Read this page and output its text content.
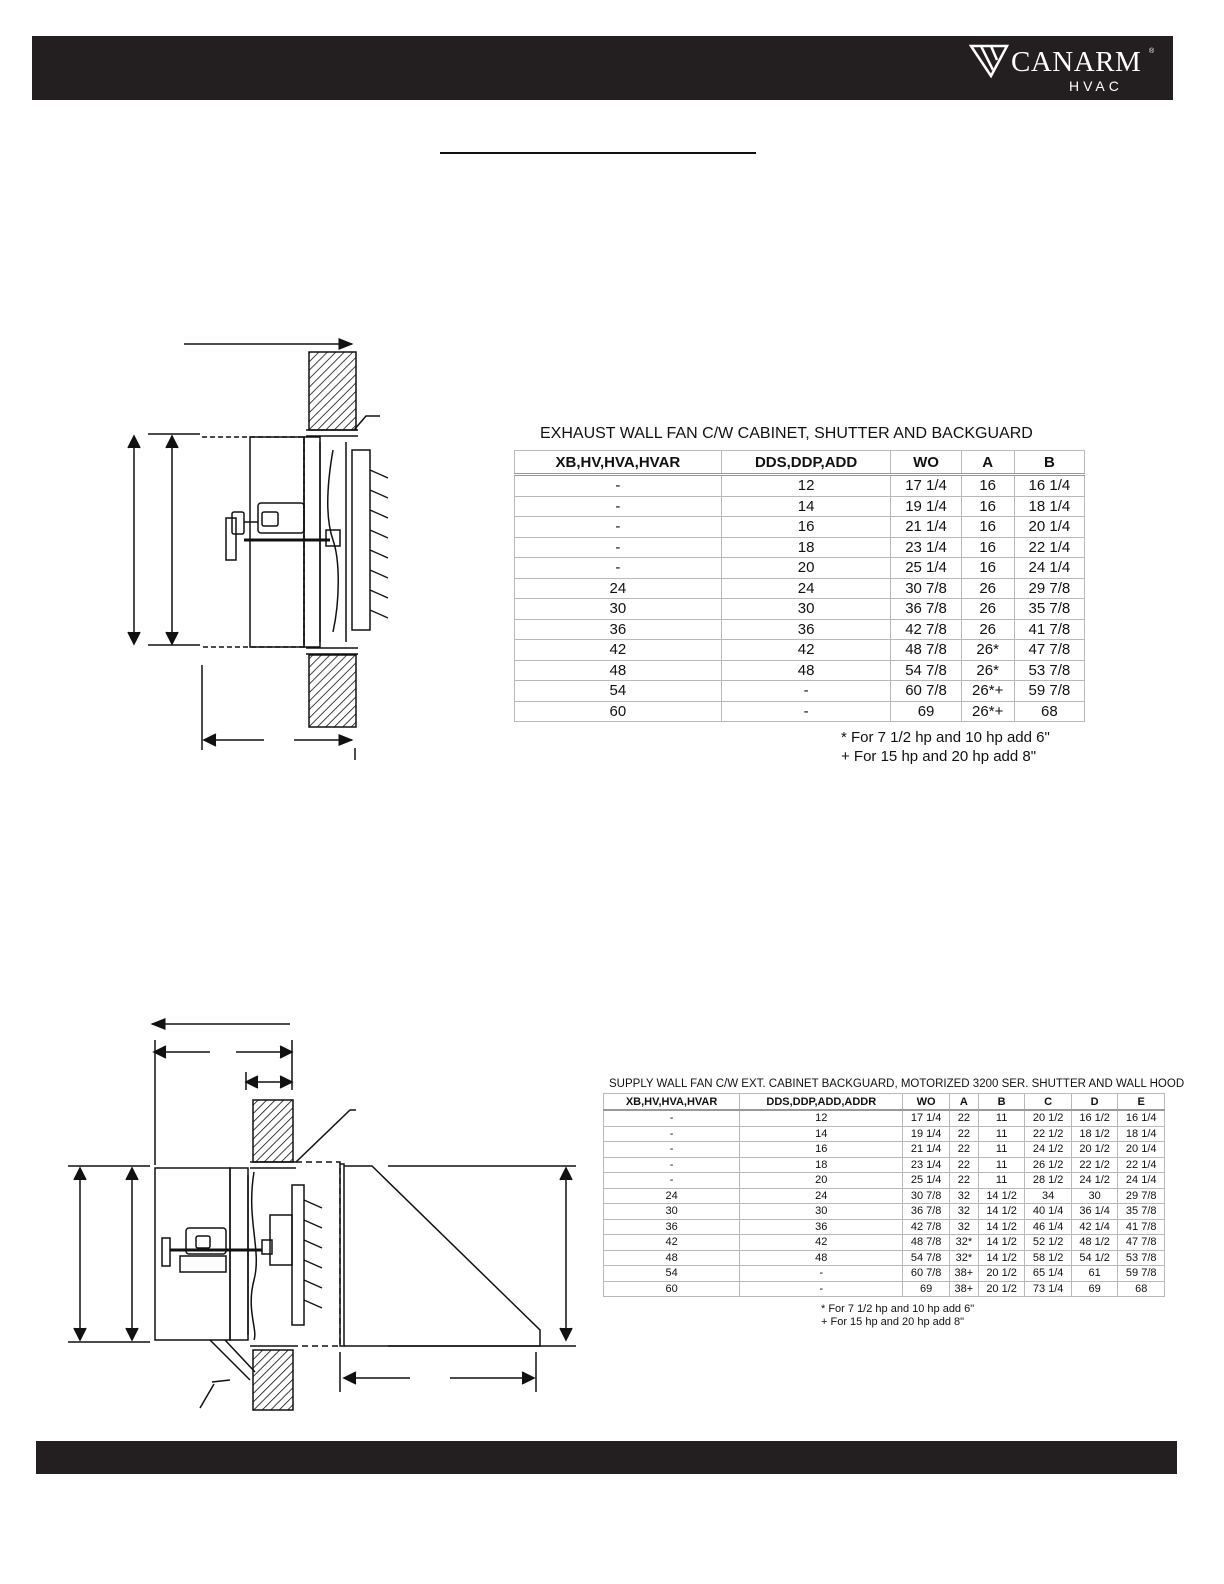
CANARM ®
HVAC
EXHAUST WALL FAN C/W CABINET, SHUTTER AND BACKGUARD
XB,HV,HVA,HVAR	DDS,DDP,ADD	WO	A	B
-	12	17 1/4	16	16 1/4
-	14	19 1/4	16	18 1/4
-	16	21 1/4	16	20 1/4
-	18	23 1/4	16	22 1/4
-	20	25 1/4	16	24 1/4
24	24	30 7/8	26	29 7/8
30	30	36 7/8	26	35 7/8
36	36	42 7/8	26	41 7/8
42	42	48 7/8	26*	47 7/8
48	48	54 7/8	26*	53 7/8
54	-	60 7/8	26*+	59 7/8
60	-	69	26*+	68
* For 7 1/2 hp and 10 hp add 6"
+ For 15 hp and 20 hp add 8"
SUPPLY WALL FAN C/W EXT. CABINET BACKGUARD, MOTORIZED 3200 SER. SHUTTER AND WALL HOOD
XB,HV,HVA,HVAR	DDS,DDP,ADD,ADDR	WO	A	B	C	D	E
-	12	17 1/4	22	11	20 1/2	16 1/2	16 1/4
-	14	19 1/4	22	11	22 1/2	18 1/2	18 1/4
-	16	21 1/4	22	11	24 1/2	20 1/2	20 1/4
-	18	23 1/4	22	11	26 1/2	22 1/2	22 1/4
-	20	25 1/4	22	11	28 1/2	24 1/2	24 1/4
24	24	30 7/8	32	14 1/2	34	30	29 7/8
30	30	36 7/8	32	14 1/2	40 1/4	36 1/4	35 7/8
36	36	42 7/8	32	14 1/2	46 1/4	42 1/4	41 7/8
42	42	48 7/8	32*	14 1/2	52 1/2	48 1/2	47 7/8
48	48	54 7/8	32*	14 1/2	58 1/2	54 1/2	53 7/8
54	-	60 7/8	38+	20 1/2	65 1/4	61	59 7/8
60	-	69	38+	20 1/2	73 1/4	69	68
* For 7 1/2 hp and 10 hp add 6"
+ For 15 hp and 20 hp add 8"
